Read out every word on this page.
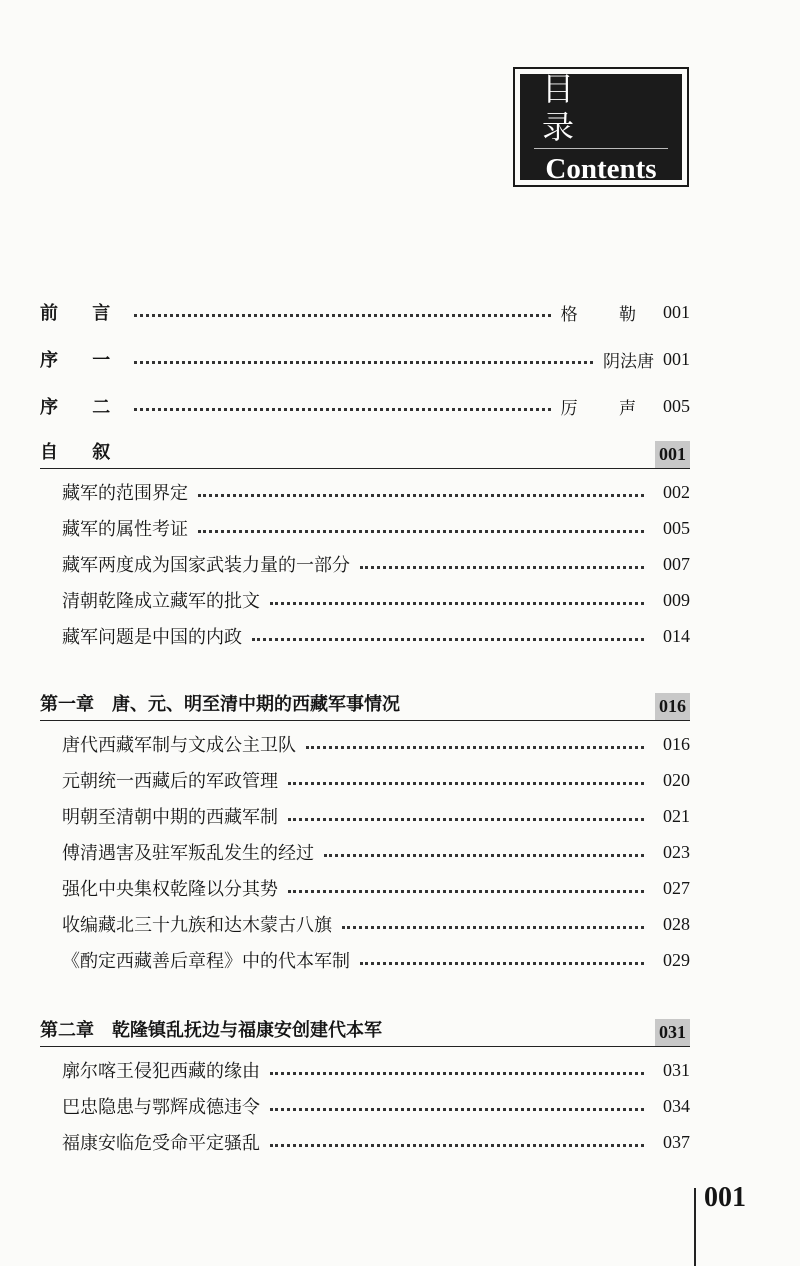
目 录
Contents
前 言	格 勒 001
序 一	阴法唐 001
序 二	厉 声 005
自 叙	001
藏军的范围界定	002
藏军的属性考证	005
藏军两度成为国家武装力量的一部分	007
清朝乾隆成立藏军的批文	009
藏军问题是中国的内政	014
第一章　唐、元、明至清中期的西藏军事情况	016
唐代西藏军制与文成公主卫队	016
元朝统一西藏后的军政管理	020
明朝至清朝中期的西藏军制	021
傅清遇害及驻军叛乱发生的经过	023
强化中央集权乾隆以分其势	027
收编藏北三十九族和达木蒙古八旗	028
《酌定西藏善后章程》中的代本军制	029
第二章　乾隆镇乱抚边与福康安创建代本军	031
廓尔喀王侵犯西藏的缘由	031
巴忠隐患与鄂辉成德违令	034
福康安临危受命平定骚乱	037
001
